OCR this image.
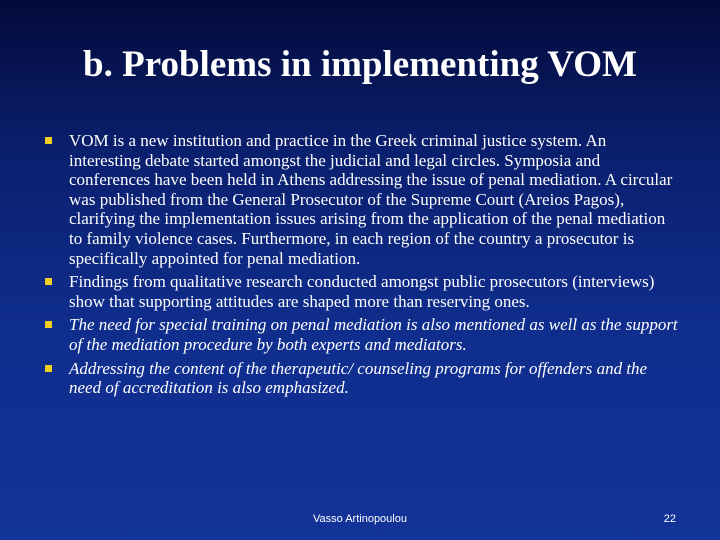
b. Problems in implementing VOM
VOM is a new institution and practice in the Greek criminal justice system. An interesting debate started amongst the judicial and legal circles. Symposia and conferences have been held in Athens addressing the issue of penal mediation. A circular was published from the General Prosecutor of the Supreme Court (Areios Pagos), clarifying the implementation issues arising from the application of the penal mediation to family violence cases. Furthermore, in each region of the country a prosecutor is specifically appointed for penal mediation.
Findings from qualitative research conducted amongst public prosecutors (interviews) show that supporting attitudes are shaped more than reserving ones.
The need for special training on penal mediation is also mentioned as well as the support of the mediation procedure by both experts and mediators.
Addressing the content of the therapeutic/ counseling programs for offenders and the need of accreditation is also emphasized.
Vasso Artinopoulou	22
